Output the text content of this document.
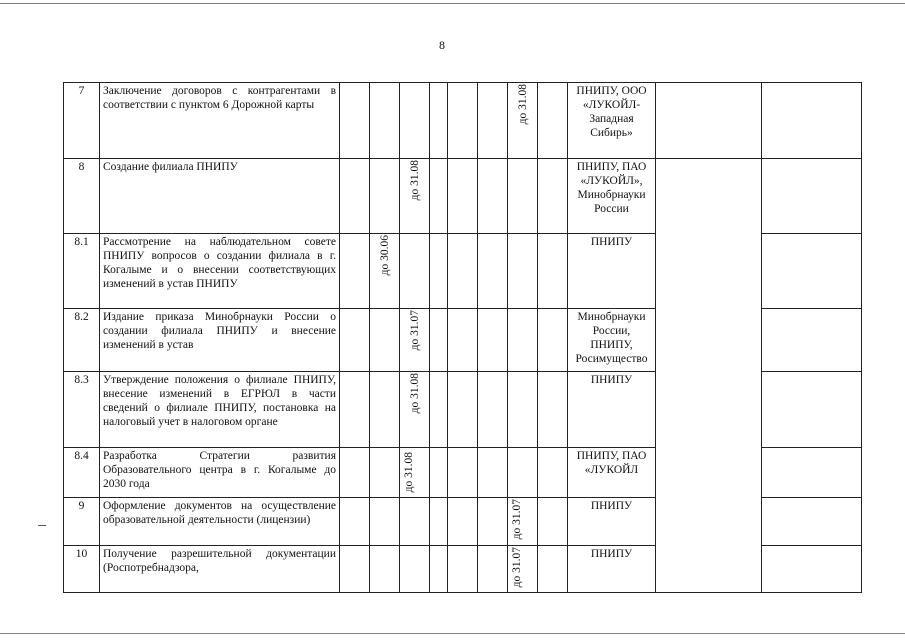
8
7	Заключение договоров с контрагентами в соответствии с пунктом 6 Дорожной карты							до 31.08		ПНИПУ, ООО «ЛУКОЙЛ-Западная Сибирь»			
8	Создание филиала ПНИПУ			до 31.08						ПНИПУ, ПАО «ЛУКОЙЛ», Минобрнауки России			
8.1	Рассмотрение на наблюдательном совете ПНИПУ вопросов о создании филиала в г. Когалыме и о внесении соответствующих изменений в устав ПНИПУ		до 30.06							ПНИПУ			
8.2	Издание приказа Минобрнауки России о создании филиала ПНИПУ и внесение изменений в устав			до 31.07						Минобрнауки России, ПНИПУ, Росимущество			
8.3	Утверждение положения о филиале ПНИПУ, внесение изменений в ЕГРЮЛ в части сведений о филиале ПНИПУ, постановка на налоговый учет в налоговом органе			до 31.08						ПНИПУ			
8.4	Разработка Стратегии развития Образовательного центра в г. Когалыме до 2030 года			до 31.08						ПНИПУ, ПАО «ЛУКОЙЛ			
9	Оформление документов на осуществление образовательной деятельности (лицензии)							до 31.07		ПНИПУ			
10	Получение разрешительной документации (Роспотребнадзора,							до 31.07		ПНИПУ			
